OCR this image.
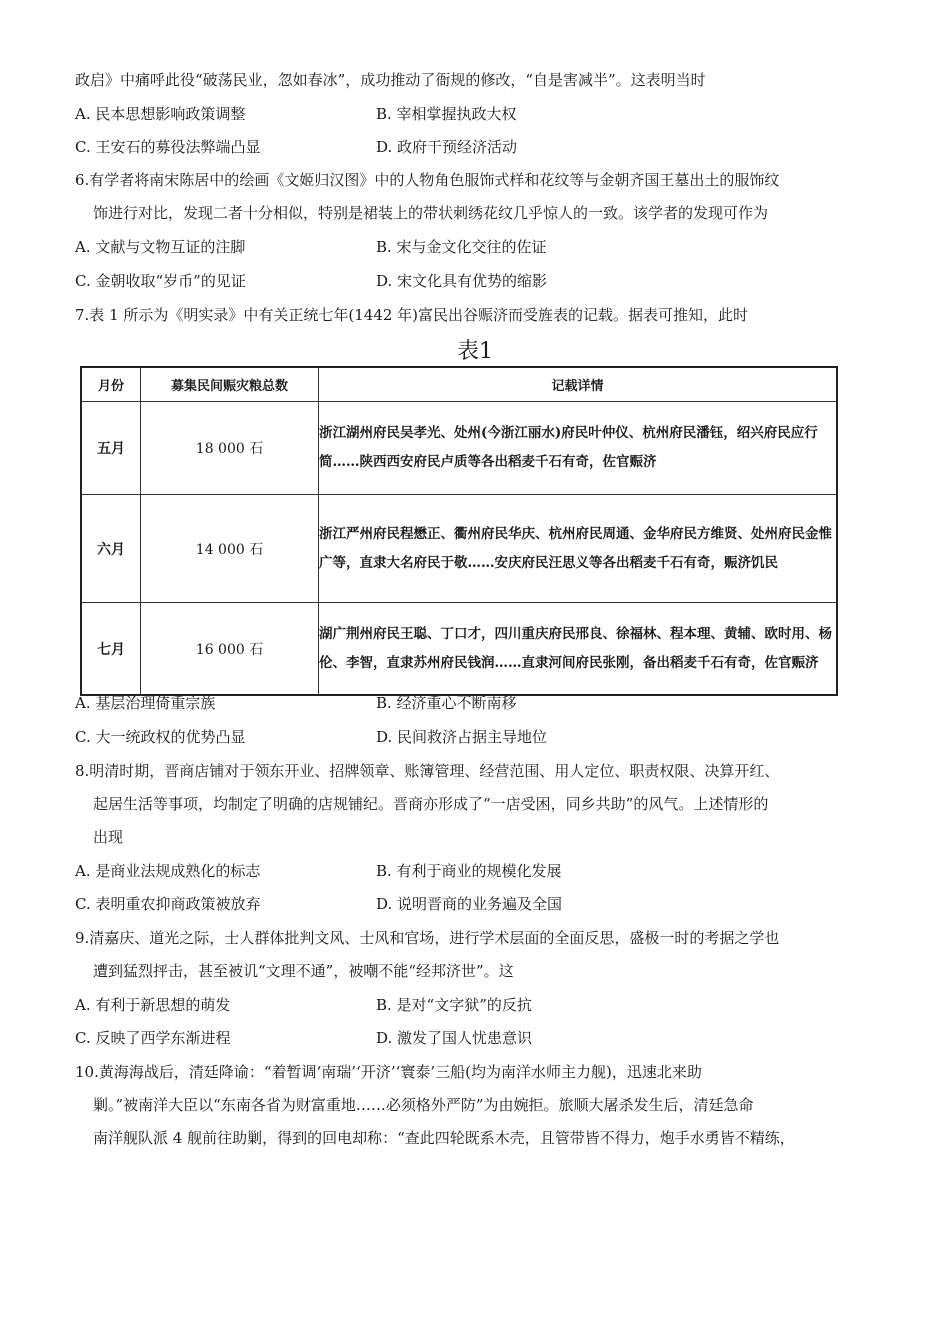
政启》中痛呼此役“破荡民业，忽如春冰”，成功推动了衙规的修改，“自是害减半”。这表明当时
A. 民本思想影响政策调整	B. 宰相掌握执政大权
C. 王安石的募役法弊端凸显	D. 政府干预经济活动
6.有学者将南宋陈居中的绘画《文姬归汉图》中的人物角色服饰式样和花纹等与金朝齐国王墓出土的服饰纹
饰进行对比，发现二者十分相似，特别是裙装上的带状刺绣花纹几乎惊人的一致。该学者的发现可作为
A. 文献与文物互证的注脚	B. 宋与金文化交往的佐证
C. 金朝收取“岁币”的见证	D. 宋文化具有优势的缩影
7.表 1 所示为《明实录》中有关正统七年(1442 年)富民出谷赈济而受旌表的记载。据表可推知，此时
表1
月份	募集民间赈灾粮总数	记载详情
五月	18 000 石	浙江湖州府民吴孝光、处州(今浙江丽水)府民叶仲仪、杭州府民潘钰，绍兴府民应行简……陕西西安府民卢质等各出稻麦千石有奇，佐官赈济
六月	14 000 石	浙江严州府民程懋正、衢州府民华庆、杭州府民周通、金华府民方维贤、处州府民金惟广等，直隶大名府民于敬……安庆府民汪思义等各出稻麦千石有奇，赈济饥民
七月	16 000 石	湖广荆州府民王聪、丁口才，四川重庆府民邢良、徐福林、程本理、黄辅、欧时用、杨伦、李智，直隶苏州府民钱润……直隶河间府民张刚，备出稻麦千石有奇，佐官赈济
A. 基层治理倚重宗族	B. 经济重心不断南移
C. 大一统政权的优势凸显	D. 民间救济占据主导地位
8.明清时期，晋商店铺对于领东开业、招牌领章、账簿管理、经营范围、用人定位、职责权限、决算开红、
起居生活等事项，均制定了明确的店规铺纪。晋商亦形成了“一店受困，同乡共助”的风气。上述情形的
出现
A. 是商业法规成熟化的标志	B. 有利于商业的规模化发展
C. 表明重农抑商政策被放弃	D. 说明晋商的业务遍及全国
9.清嘉庆、道光之际，士人群体批判文风、士风和官场，进行学术层面的全面反思，盛极一时的考据之学也
遭到猛烈抨击，甚至被讥“文理不通”，被嘲不能“经邦济世”。这
A. 有利于新思想的萌发	B. 是对“文字狱”的反抗
C. 反映了西学东渐进程	D. 激发了国人忧患意识
10.黄海海战后，清廷降谕：“着暂调‘南瑞’‘开济’‘寰泰’三船(均为南洋水师主力舰)，迅速北来助
剿。”被南洋大臣以“东南各省为财富重地……必须格外严防”为由婉拒。旅顺大屠杀发生后，清廷急命
南洋舰队派 4 舰前往助剿，得到的回电却称：“查此四轮既系木壳，且管带皆不得力，炮手水勇皆不精练，
